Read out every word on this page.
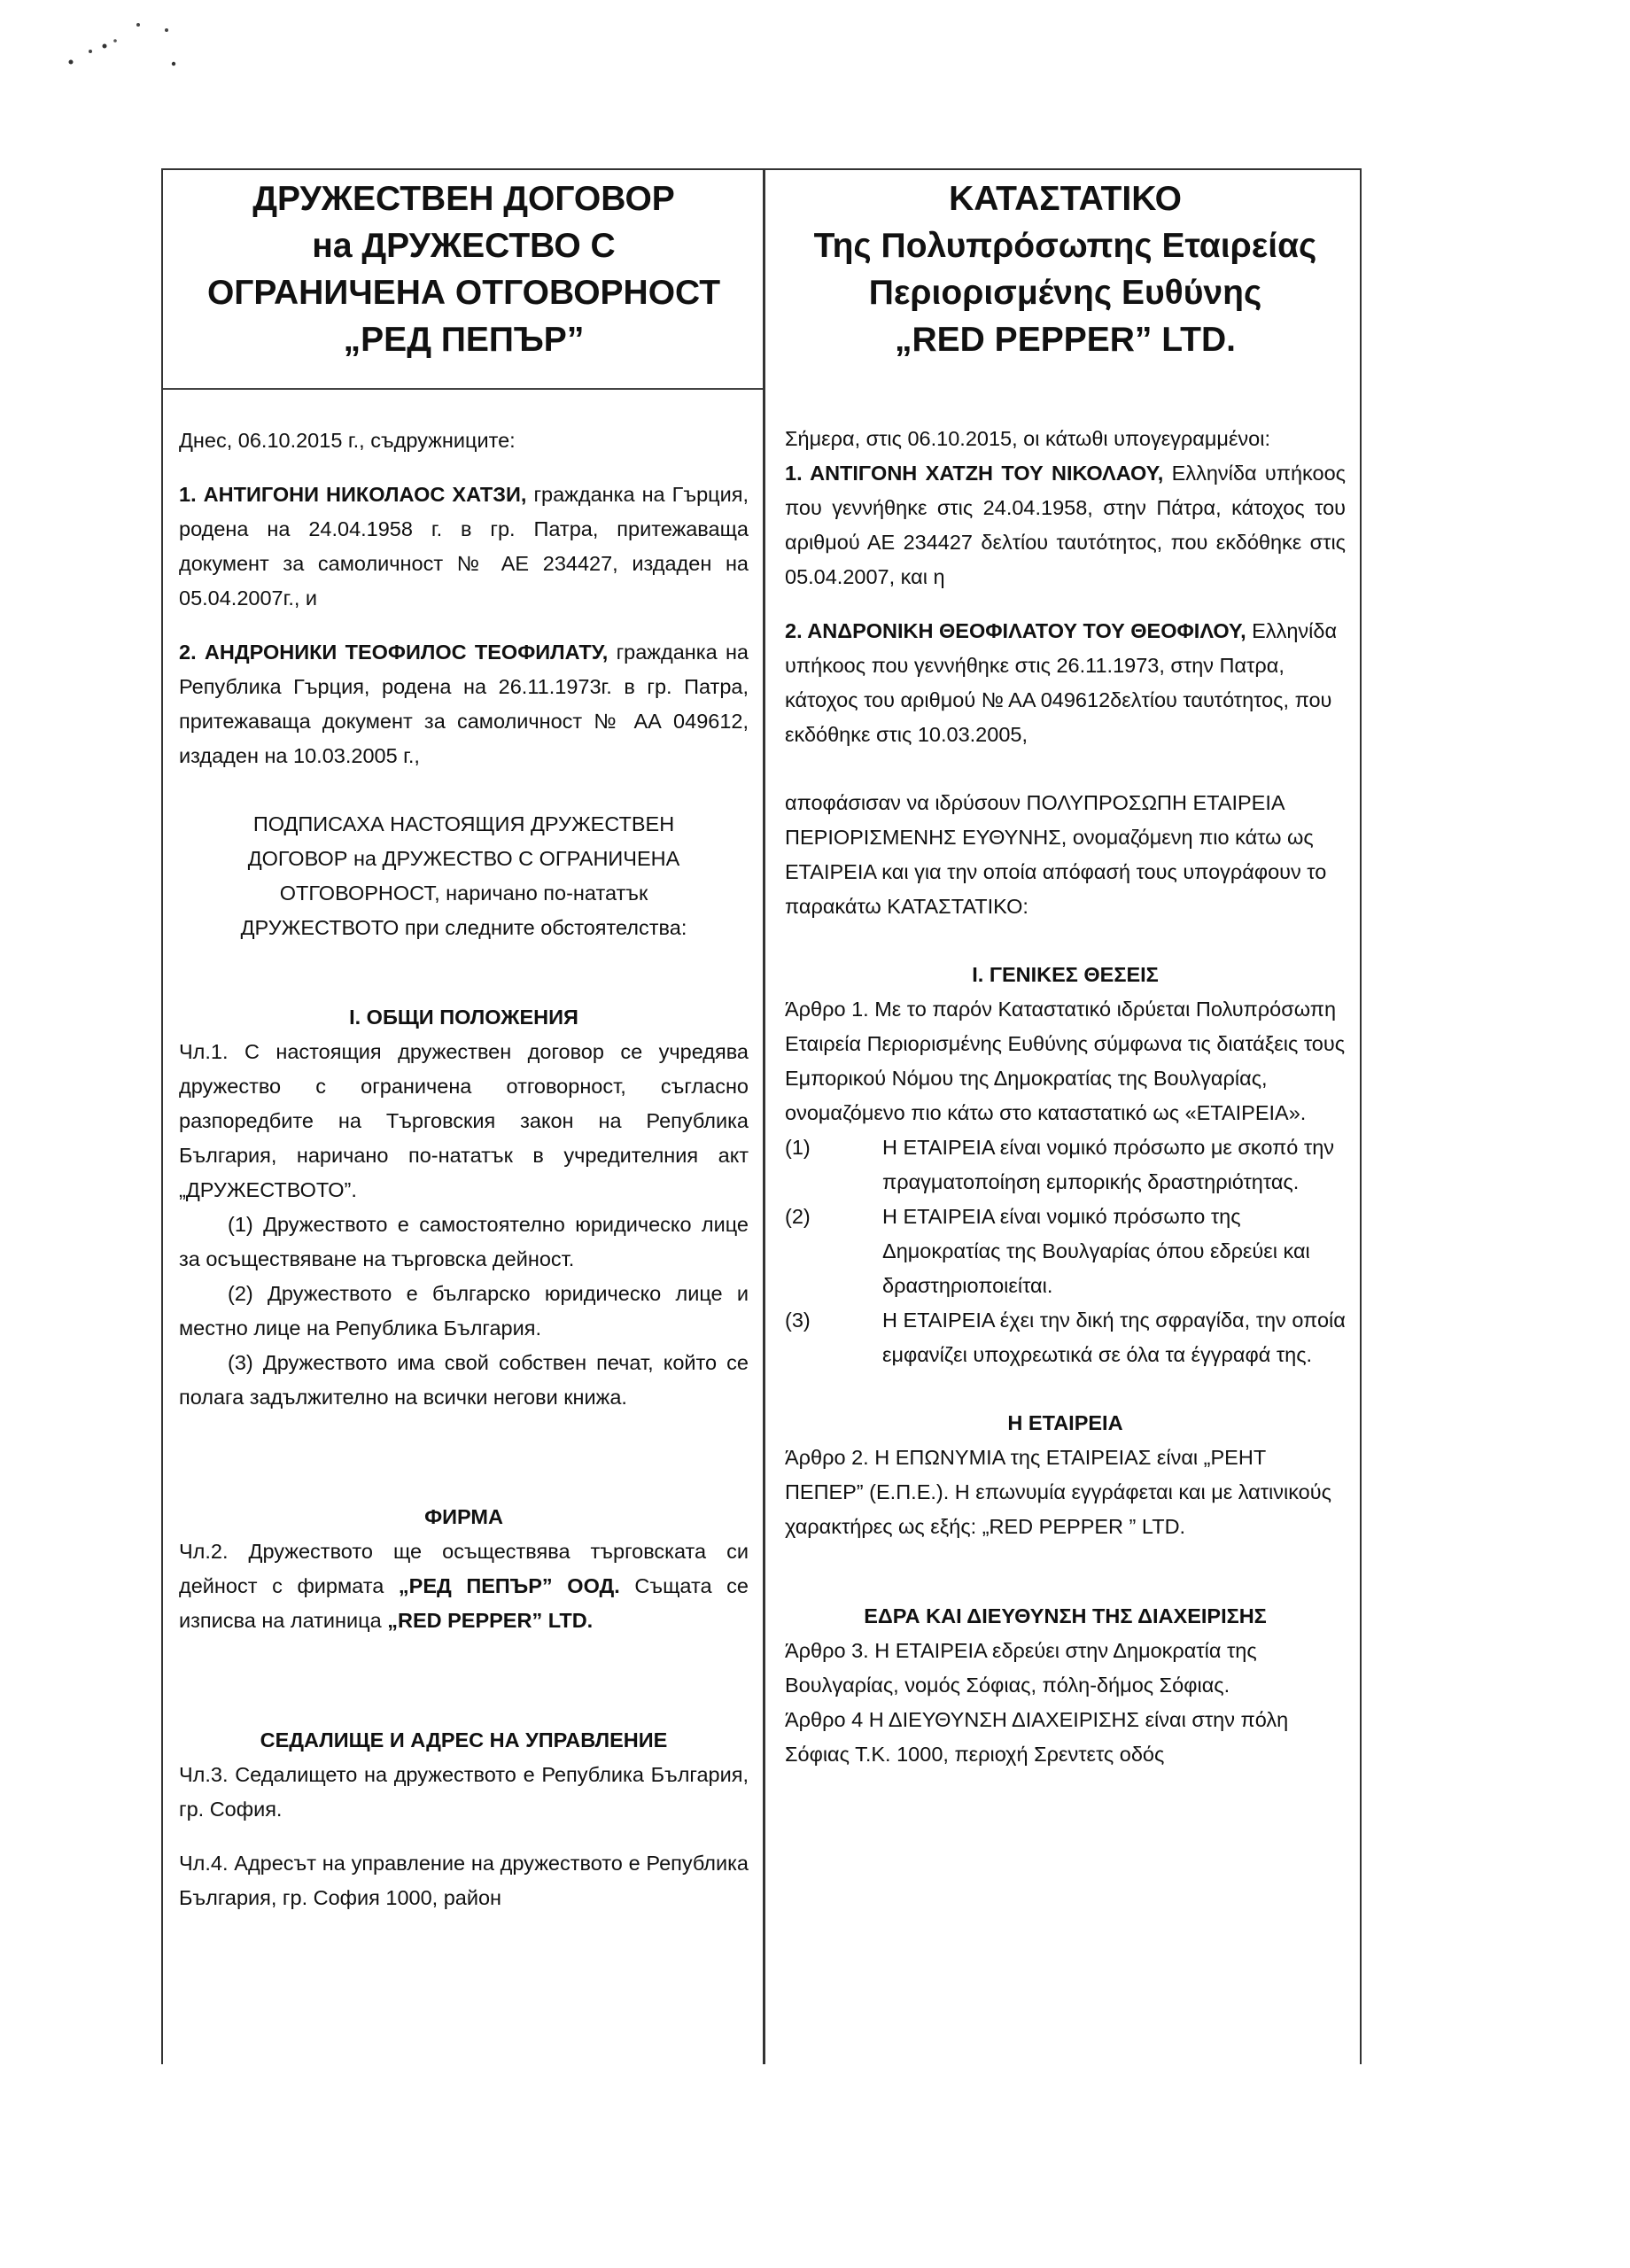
ДРУЖЕСТВЕН ДОГОВОР
на ДРУЖЕСТВО С
ОГРАНИЧЕНА ОТГОВОРНОСТ
„РЕД ПЕПЪР”

Днес, 06.10.2015 г., съдружниците:

1. АНТИГОНИ НИКОЛАОС ХАТЗИ, гражданка на Гърция, родена на 24.04.1958 г. в гр. Патра, притежаваща документ за самоличност № АЕ 234427, издаден на 05.04.2007г., и

2. АНДРОНИКИ ТЕОФИЛОС ТЕОФИЛАТУ, гражданка на Република Гърция, родена на 26.11.1973г. в гр. Патра, притежаваща документ за самоличност № АА 049612, издаден на 10.03.2005 г.,

ПОДПИСАХА НАСТОЯЩИЯ ДРУЖЕСТВЕН ДОГОВОР на ДРУЖЕСТВО С ОГРАНИЧЕНА ОТГОВОРНОСТ, наричано по-нататък ДРУЖЕСТВОТО при следните обстоятелства:

I. ОБЩИ ПОЛОЖЕНИЯ

Чл.1. С настоящия дружествен договор се учредява дружество с ограничена отговорност, съгласно разпоредбите на Търговския закон на Република България, наричано по-нататък в учредителния акт „ДРУЖЕСТВОТО”.

(1) Дружеството е самостоятелно юридическо лице за осъществяване на търговска дейност.

(2) Дружеството е българско юридическо лице и местно лице на Република България.

(3) Дружеството има свой собствен печат, който се полага задължително на всички негови книжа.

ФИРМА

Чл.2. Дружеството ще осъществява търговската си дейност с фирмата „РЕД ПЕПЪР” ООД. Същата се изписва на латиница „RED PEPPER” LTD.

СЕДАЛИЩЕ И АДРЕС НА УПРАВЛЕНИЕ

Чл.3. Седалището на дружеството е Република България, гр. София.

Чл.4. Адресът на управление на дружеството е Република България, гр. София 1000, район

ΚΑΤΑΣΤΑΤΙΚΟ
Της Πολυπρόσωπης Εταιρείας
Περιορισμένης Ευθύνης
„RED PEPPER” LTD.

Σήμερα, στις 06.10.2015, οι κάτωθι υπογεγραμμένοι:

1. ΑΝΤΙΓΟΝΗ ΧΑΤΖΗ ΤΟΥ ΝΙΚΟΛΑΟΥ, Ελληνίδα υπήκοος που γεννήθηκε στις 24.04.1958, στην Πάτρα, κάτοχος του αριθμού ΑΕ 234427 δελτίου ταυτότητος, που εκδόθηκε στις 05.04.2007, και η

2. ΑΝΔΡΟΝΙΚΗ ΘΕΟΦΙΛΑΤΟΥ ΤΟΥ ΘΕΟΦΙΛΟΥ, Ελληνίδα υπήκοος που γεννήθηκε στις 26.11.1973, στην Πατρα, κάτοχος του αριθμού № ΑΑ 049612δελτίου ταυτότητος, που εκδόθηκε στις 10.03.2005,

αποφάσισαν να ιδρύσουν ΠΟΛΥΠΡΟΣΩΠΗ ΕΤΑΙΡΕΙΑ ΠΕΡΙΟΡΙΣΜΕΝΗΣ ΕΥΘΥΝΗΣ, ονομαζόμενη πιο κάτω ως ΕΤΑΙΡΕΙΑ και για την οποία απόφασή τους υπογράφουν το παρακάτω ΚΑΤΑΣΤΑΤΙΚΟ:

I. ΓΕΝΙΚΕΣ ΘΕΣΕΙΣ

Άρθρο 1. Με το παρόν Καταστατικό ιδρύεται Πολυπρόσωπη Εταιρεία Περιορισμένης Ευθύνης σύμφωνα τις διατάξεις τους Εμπορικού Νόμου της Δημοκρατίας της Βουλγαρίας, ονομαζόμενο πιο κάτω στο καταστατικό ως «ΕΤΑΙΡΕΙΑ».

(1)	Η ΕΤΑΙΡΕΙΑ είναι νομικό πρόσωπο με σκοπό την πραγματοποίηση εμπορικής δραστηριότητας.
(2)	Η ΕΤΑΙΡΕΙΑ είναι νομικό πρόσωπο της Δημοκρατίας της Βουλγαρίας όπου εδρεύει και δραστηριοποιείται.
(3)	Η ΕΤΑΙΡΕΙΑ έχει την δική της σφραγίδα, την οποία εμφανίζει υποχρεωτικά σε όλα τα έγγραφά της.

Η ΕΤΑΙΡΕΙΑ

Άρθρο 2. Η ΕΠΩΝΥΜΙΑ της ΕΤΑΙΡΕΙΑΣ είναι „РЕНТ ПЕПЕР” (Ε.Π.Ε.). Η επωνυμία εγγράφεται και με λατινικούς χαρακτήρες ως εξής: „RED PEPPER ” LTD.

ΕΔΡΑ ΚΑΙ ΔΙΕΥΘΥΝΣΗ ΤΗΣ ΔΙΑΧΕΙΡΙΣΗΣ

Άρθρο 3. Η ΕΤΑΙΡΕΙΑ εδρεύει στην Δημοκρατία της Βουλγαρίας, νομός Σόφιας, πόλη-δήμος Σόφιας.

Άρθρο 4 Η ΔΙΕΥΘΥΝΣΗ ΔΙΑΧΕΙΡΙΣΗΣ είναι στην πόλη Σόφιας Τ.Κ. 1000, περιοχή Σρεντετς οδός
